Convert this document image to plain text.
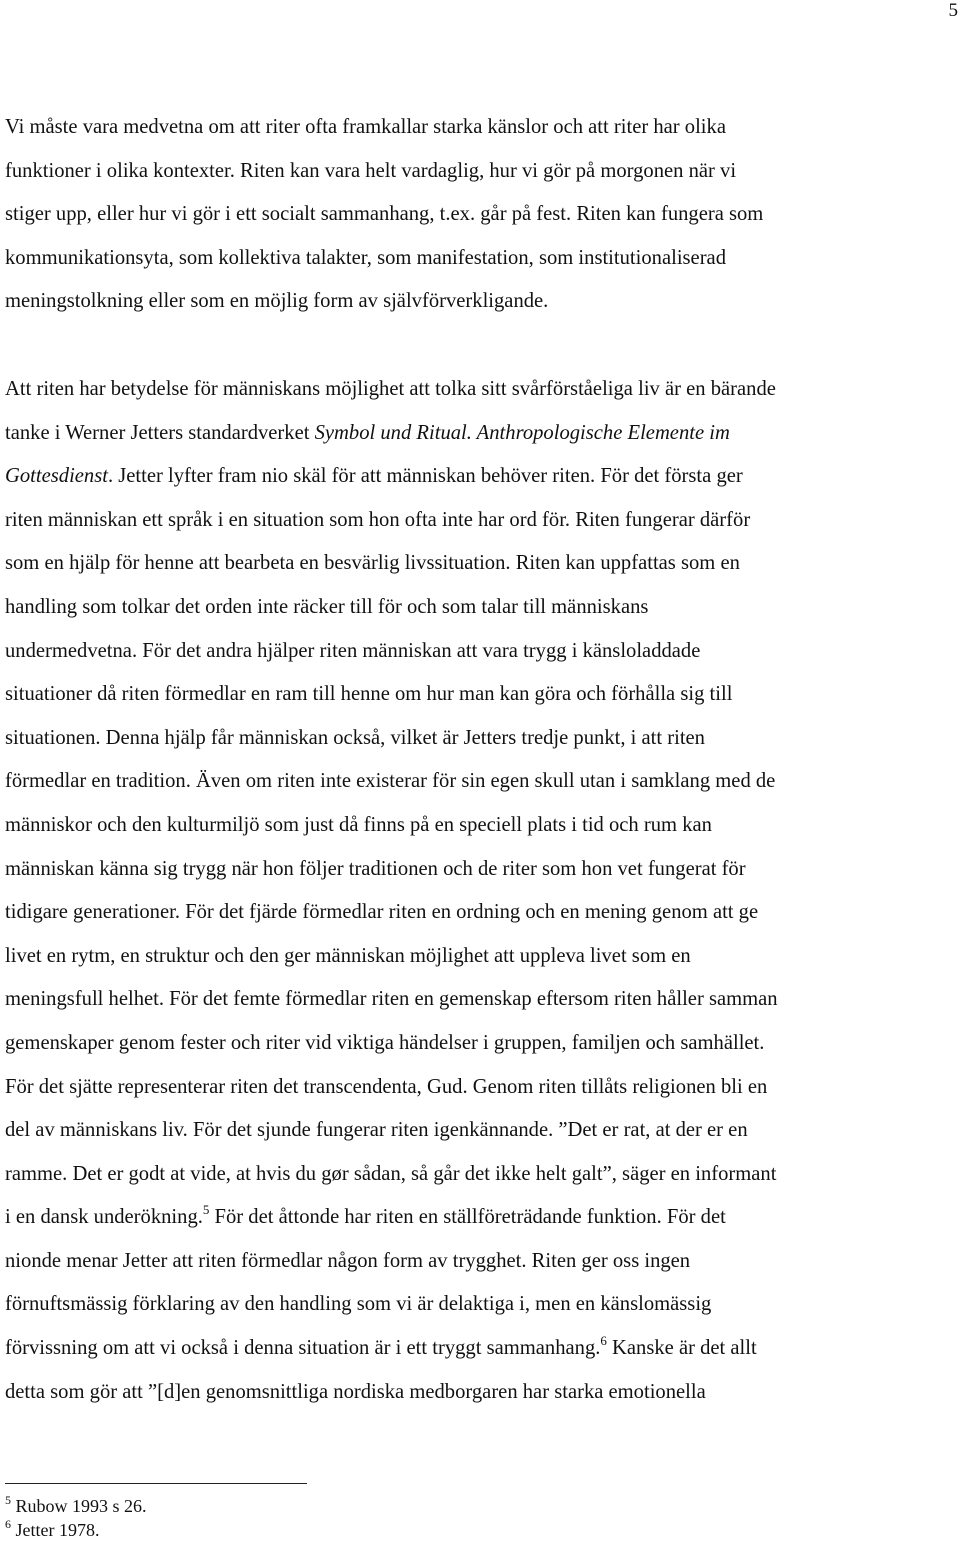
5

Vi måste vara medvetna om att riter ofta framkallar starka känslor och att riter har olika
funktioner i olika kontexter. Riten kan vara helt vardaglig, hur vi gör på morgonen när vi
stiger upp, eller hur vi gör i ett socialt sammanhang, t.ex. går på fest. Riten kan fungera som
kommunikationsyta, som kollektiva talakter, som manifestation, som institutionaliserad
meningstolkning eller som en möjlig form av självförverkligande.

Att riten har betydelse för människans möjlighet att tolka sitt svårförståeliga liv är en bärande
tanke i Werner Jetters standardverket Symbol und Ritual. Anthropologische Elemente im
Gottesdienst. Jetter lyfter fram nio skäl för att människan behöver riten. För det första ger
riten människan ett språk i en situation som hon ofta inte har ord för. Riten fungerar därför
som en hjälp för henne att bearbeta en besvärlig livssituation. Riten kan uppfattas som en
handling som tolkar det orden inte räcker till för och som talar till människans
undermedvetna. För det andra hjälper riten människan att vara trygg i känsloladdade
situationer då riten förmedlar en ram till henne om hur man kan göra och förhålla sig till
situationen. Denna hjälp får människan också, vilket är Jetters tredje punkt, i att riten
förmedlar en tradition. Även om riten inte existerar för sin egen skull utan i samklang med de
människor och den kulturmiljö som just då finns på en speciell plats i tid och rum kan
människan känna sig trygg när hon följer traditionen och de riter som hon vet fungerat för
tidigare generationer. För det fjärde förmedlar riten en ordning och en mening genom att ge
livet en rytm, en struktur och den ger människan möjlighet att uppleva livet som en
meningsfull helhet. För det femte förmedlar riten en gemenskap eftersom riten håller samman
gemenskaper genom fester och riter vid viktiga händelser i gruppen, familjen och samhället.
För det sjätte representerar riten det transcendenta, Gud. Genom riten tillåts religionen bli en
del av människans liv. För det sjunde fungerar riten igenkännande. ”Det er rat, at der er en
ramme. Det er godt at vide, at hvis du gør sådan, så går det ikke helt galt”, säger en informant
i en dansk underökning.$^5$ För det åttonde har riten en ställföreträdande funktion. För det
nionde menar Jetter att riten förmedlar någon form av trygghet. Riten ger oss ingen
förnuftsmässig förklaring av den handling som vi är delaktiga i, men en känslomässig
förvissning om att vi också i denna situation är i ett tryggt sammanhang.$^6$ Kanske är det allt
detta som gör att ”[d]en genomsnittliga nordiska medborgaren har starka emotionella

$^5$ Rubow 1993 s 26.
$^6$ Jetter 1978.
